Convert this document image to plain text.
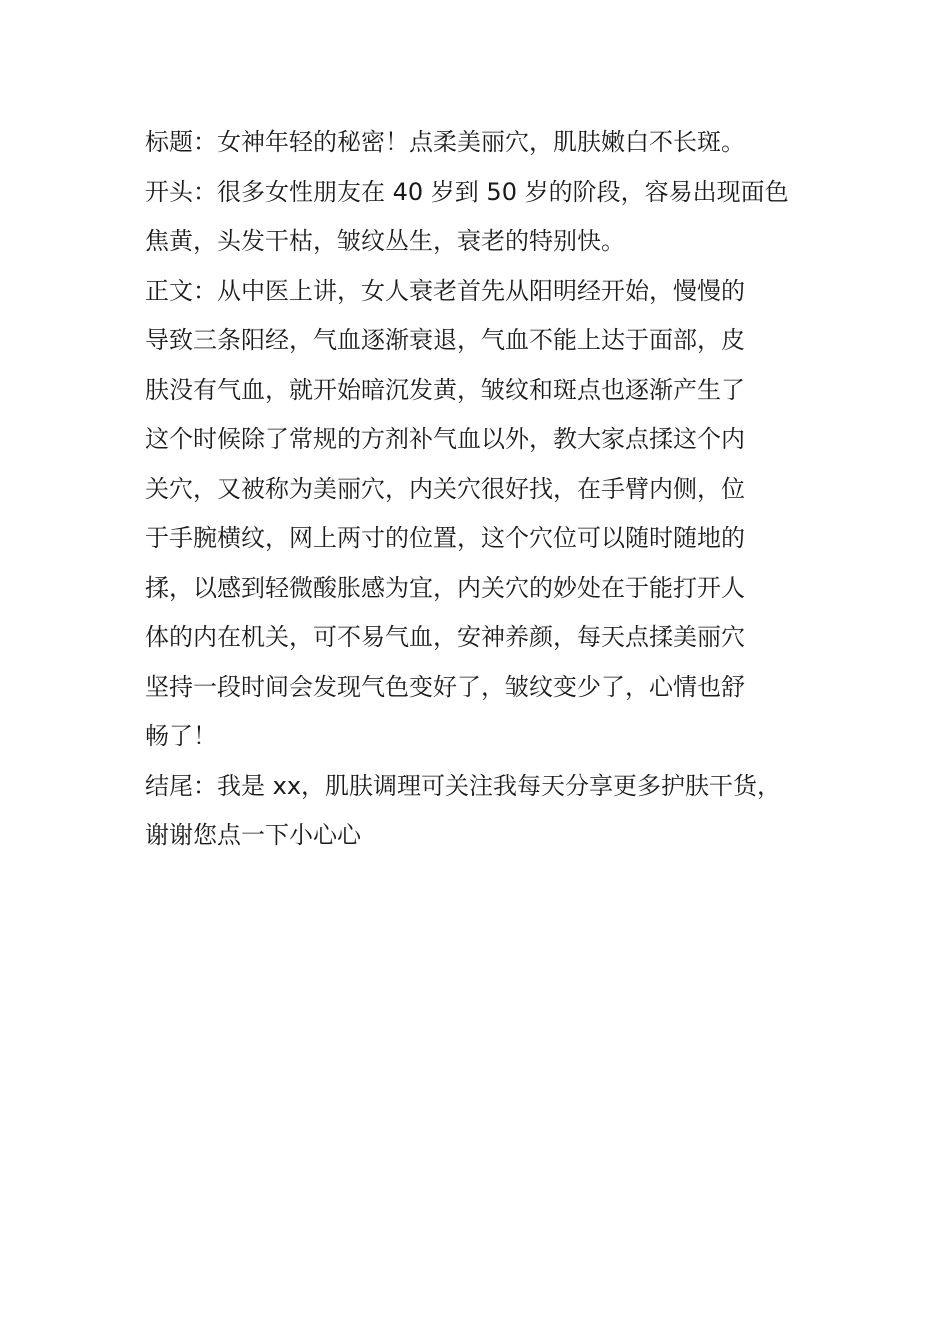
标题：女神年轻的秘密！点柔美丽穴，肌肤嫩白不长斑。

开头：很多女性朋友在 40 岁到 50 岁的阶段，容易出现面色
焦黄，头发干枯，皱纹丛生，衰老的特别快。

正文：从中医上讲，女人衰老首先从阳明经开始，慢慢的
导致三条阳经，气血逐渐衰退，气血不能上达于面部，皮
肤没有气血，就开始暗沉发黄，皱纹和斑点也逐渐产生了
这个时候除了常规的方剂补气血以外，教大家点揉这个内
关穴，又被称为美丽穴，内关穴很好找，在手臂内侧，位
于手腕横纹，网上两寸的位置，这个穴位可以随时随地的
揉，以感到轻微酸胀感为宜，内关穴的妙处在于能打开人
体的内在机关，可不易气血，安神养颜，每天点揉美丽穴
坚持一段时间会发现气色变好了，皱纹变少了，心情也舒
畅了！

结尾：我是 xx，肌肤调理可关注我每天分享更多护肤干货，
谢谢您点一下小心心
